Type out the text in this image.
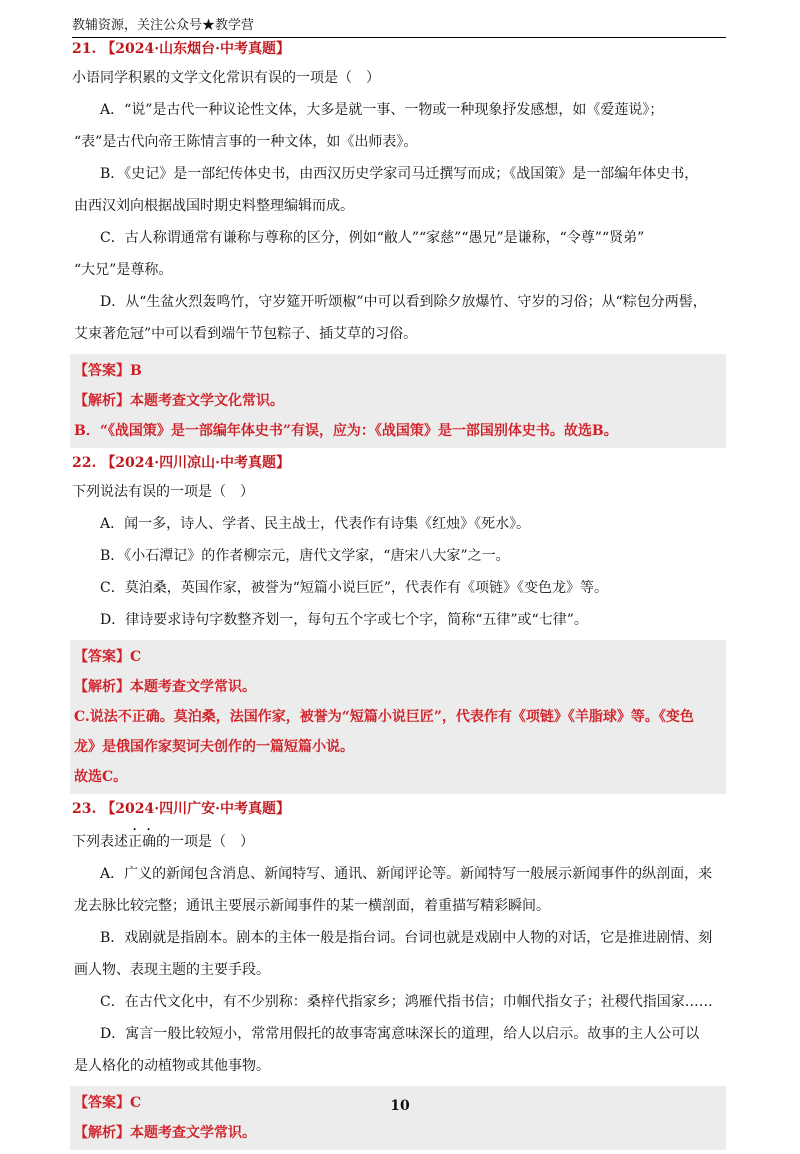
教辅资源，关注公众号★教学营
21. 【2024·山东烟台·中考真题】
小语同学积累的文学文化常识有误的一项是（　）
A．“说”是古代一种议论性文体，大多是就一事、一物或一种现象抒发感想，如《爱莲说》；
“表”是古代向帝王陈情言事的一种文体，如《出师表》。
B．《史记》是一部纪传体史书，由西汉历史学家司马迁撰写而成；《战国策》是一部编年体史书，
由西汉刘向根据战国时期史料整理编辑而成。
C．古人称谓通常有谦称与尊称的区分，例如“敝人”“家慈”“愚兄”是谦称，“令尊”“贤弟”
“大兄”是尊称。
D．从“生盆火烈轰鸣竹，守岁筵开听颂椒”中可以看到除夕放爆竹、守岁的习俗；从“粽包分两髻，
艾束著危冠”中可以看到端午节包粽子、插艾草的习俗。
【答案】B
【解析】本题考查文学文化常识。
B．“《战国策》是一部编年体史书”有误，应为：《战国策》是一部国别体史书。故选B。
22. 【2024·四川凉山·中考真题】
下列说法有误的一项是（　）
A．闻一多，诗人、学者、民主战士，代表作有诗集《红烛》《死水》。
B．《小石潭记》的作者柳宗元，唐代文学家，“唐宋八大家”之一。
C．莫泊桑，英国作家，被誉为“短篇小说巨匠”，代表作有《项链》《变色龙》等。
D．律诗要求诗句字数整齐划一，每句五个字或七个字，简称“五律”或“七律”。
【答案】C
【解析】本题考查文学常识。
C.说法不正确。莫泊桑，法国作家，被誉为“短篇小说巨匠”，代表作有《项链》《羊脂球》等。《变色
龙》是俄国作家契诃夫创作的一篇短篇小说。
故选C。
23. 【2024·四川广安·中考真题】
下列表述正确的一项是（　）
A．广义的新闻包含消息、新闻特写、通讯、新闻评论等。新闻特写一般展示新闻事件的纵剖面，来
龙去脉比较完整；通讯主要展示新闻事件的某一横剖面，着重描写精彩瞬间。
B．戏剧就是指剧本。剧本的主体一般是指台词。台词也就是戏剧中人物的对话，它是推进剧情、刻
画人物、表现主题的主要手段。
C．在古代文化中，有不少别称：桑梓代指家乡；鸿雁代指书信；巾帼代指女子；社稷代指国家……
D．寓言一般比较短小，常常用假托的故事寄寓意味深长的道理，给人以启示。故事的主人公可以
是人格化的动植物或其他事物。
【答案】C
【解析】本题考查文学常识。
10
